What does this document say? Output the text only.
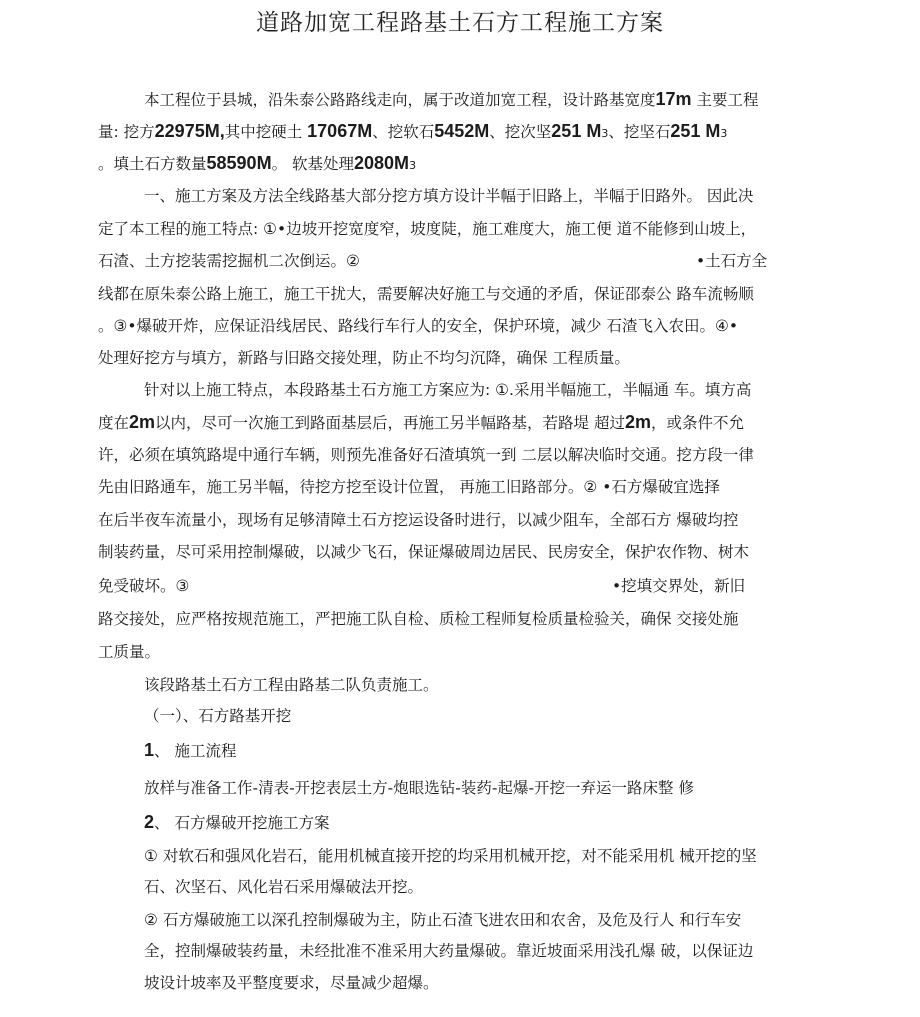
道路加宽工程路基土石方工程施工方案
本工程位于县城，沿朱泰公路路线走向，属于改道加宽工程，设计路基宽度17m 主要工程
量: 挖方22975M,其中挖硬土 17067M、挖软石5452M、挖次坚251 M3、挖坚石251 M3
。填土石方数量58590M。 软基处理2080M3
一、施工方案及方法全线路基大部分挖方填方设计半幅于旧路上，半幅于旧路外。 因此决
定了本工程的施工特点: ①•边坡开挖宽度窄，坡度陡，施工难度大，施工便 道不能修到山坡上，
石渣、土方挖装需挖掘机二次倒运。②	•土石方全
线都在原朱泰公路上施工，施工干扰大，需要解决好施工与交通的矛盾，保证邵泰公 路车流畅顺
。③•爆破开炸，应保证沿线居民、路线行车行人的安全，保护环境，减少 石渣飞入农田。④•
处理好挖方与填方，新路与旧路交接处理，防止不均匀沉降，确保 工程质量。
针对以上施工特点，本段路基土石方施工方案应为: ①.采用半幅施工，半幅通 车。填方高
度在2m以内，尽可一次施工到路面基层后，再施工另半幅路基，若路堤 超过2m，或条件不允
许，必须在填筑路堤中通行车辆，则预先准备好石渣填筑一到 二层以解决临时交通。挖方段一律
先由旧路通车，施工另半幅，待挖方挖至设计位置， 再施工旧路部分。② •石方爆破宜选择
在后半夜车流量小，现场有足够清障土石方挖运设备时进行，以减少阻车，全部石方 爆破均控
制装药量，尽可采用控制爆破，以减少飞石，保证爆破周边居民、民房安全，保护农作物、树木
免受破坏。③	•挖填交界处，新旧
路交接处，应严格按规范施工，严把施工队自检、质检工程师复检质量检验关，确保 交接处施
工质量。
该段路基土石方工程由路基二队负责施工。
（一）、石方路基开挖
1、 施工流程
放样与准备工作-清表-开挖表层土方-炮眼选钻-装药-起爆-开挖一弃运一路床整 修
2、 石方爆破开挖施工方案
① 对软石和强风化岩石，能用机械直接开挖的均采用机械开挖，对不能采用机 械开挖的坚
石、次坚石、风化岩石采用爆破法开挖。
② 石方爆破施工以深孔控制爆破为主，防止石渣飞进农田和农舍，及危及行人 和行车安
全，控制爆破装药量，未经批准不准采用大药量爆破。靠近坡面采用浅孔爆 破，以保证边
坡设计坡率及平整度要求，尽量减少超爆。
